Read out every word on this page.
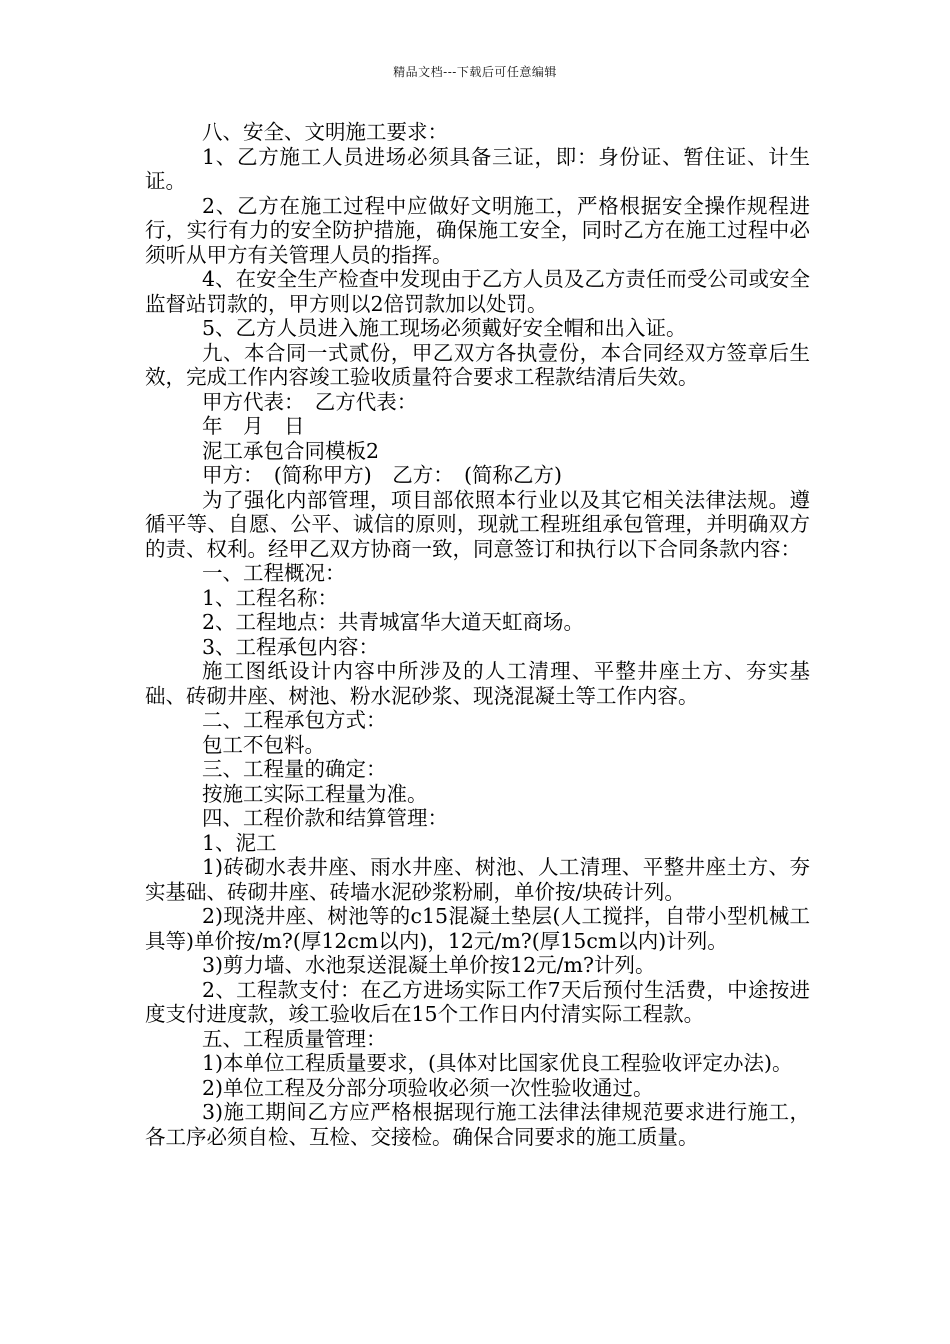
精品文档---下载后可任意编辑

八、安全、文明施工要求：

1、乙方施工人员进场必须具备三证，即：身份证、暂住证、计生证。

2、乙方在施工过程中应做好文明施工，严格根据安全操作规程进行，实行有力的安全防护措施，确保施工安全，同时乙方在施工过程中必须听从甲方有关管理人员的指挥。

4、在安全生产检查中发现由于乙方人员及乙方责任而受公司或安全监督站罚款的，甲方则以2倍罚款加以处罚。

5、乙方人员进入施工现场必须戴好安全帽和出入证。

九、本合同一式贰份，甲乙双方各执壹份，本合同经双方签章后生效，完成工作内容竣工验收质量符合要求工程款结清后失效。

甲方代表：　乙方代表：

年　月　日

泥工承包合同模板2

甲方：　(简称甲方)　乙方：　(简称乙方)

为了强化内部管理，项目部依照本行业以及其它相关法律法规。遵循平等、自愿、公平、诚信的原则，现就工程班组承包管理，并明确双方的责、权利。经甲乙双方协商一致，同意签订和执行以下合同条款内容：

一、工程概况：

1、工程名称：

2、工程地点：共青城富华大道天虹商场。

3、工程承包内容：

施工图纸设计内容中所涉及的人工清理、平整井座土方、夯实基础、砖砌井座、树池、粉水泥砂浆、现浇混凝土等工作内容。

二、工程承包方式：

包工不包料。

三、工程量的确定：

按施工实际工程量为准。

四、工程价款和结算管理：

1、泥工

1)砖砌水表井座、雨水井座、树池、人工清理、平整井座土方、夯实基础、砖砌井座、砖墙水泥砂浆粉刷，单价按/块砖计列。

2)现浇井座、树池等的c15混凝土垫层(人工搅拌，自带小型机械工具等)单价按/m?(厚12cm以内)，12元/m?(厚15cm以内)计列。

3)剪力墙、水池泵送混凝土单价按12元/m?计列。

2、工程款支付：在乙方进场实际工作7天后预付生活费，中途按进度支付进度款，竣工验收后在15个工作日内付清实际工程款。

五、工程质量管理：

1)本单位工程质量要求，(具体对比国家优良工程验收评定办法)。

2)单位工程及分部分项验收必须一次性验收通过。

3)施工期间乙方应严格根据现行施工法律法律规范要求进行施工，各工序必须自检、互检、交接检。确保合同要求的施工质量。
